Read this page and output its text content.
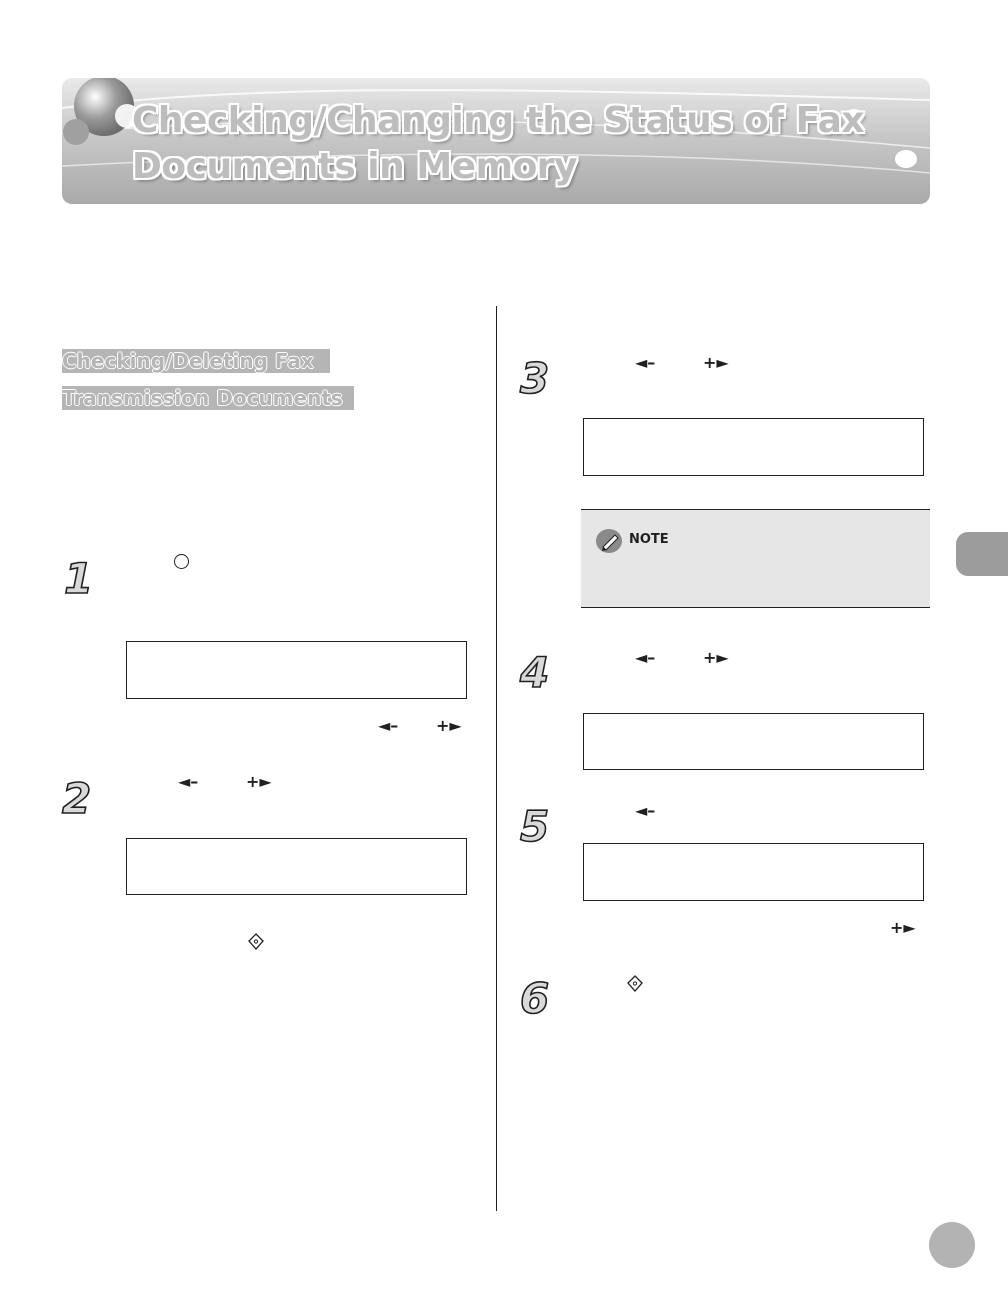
Checking/Changing the Status of Fax
Documents in Memory
Checking/Deleting Fax
Transmission Documents
1
◄– +►
2	◄–	+►
3	◄–	+►
NOTE
4	◄–	+►
5	◄–
+►
6
